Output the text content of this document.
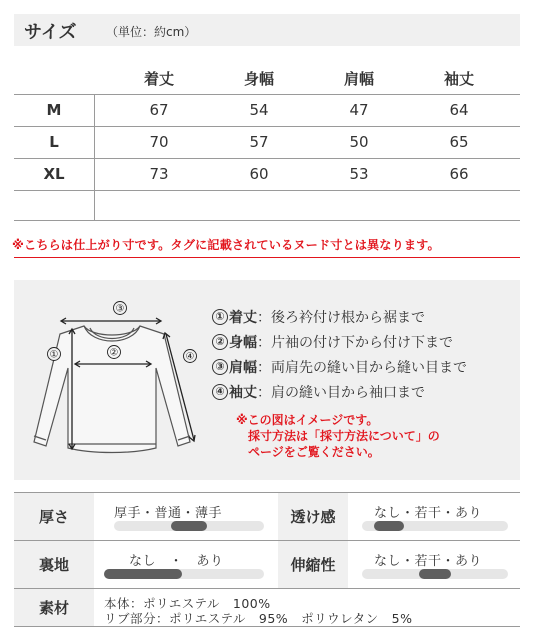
サイズ （単位：約cm）
着丈	身幅	肩幅	袖丈
M	67	54	47	64
L	70	57	50	65
XL	73	60	53	66
※こちらは仕上がり寸です。タグに記載されているヌード寸とは異なります。
③
①	②	④
① 着丈 ：後ろ衿付け根から裾まで
② 身幅 ：片袖の付け下から付け下まで
③ 肩幅 ：両肩先の縫い目から縫い目まで
④ 袖丈 ：肩の縫い目から袖口まで
※この図はイメージです。
採寸方法は「採寸方法について」の
ページをご覧ください。
厚さ	厚手・普通・薄手	透け感	なし・若干・あり
裏地	なし　・　あり	伸縮性	なし・若干・あり
素材	本体：ポリエステル　100%
リブ部分：ポリエステル　95%　ポリウレタン　5%
